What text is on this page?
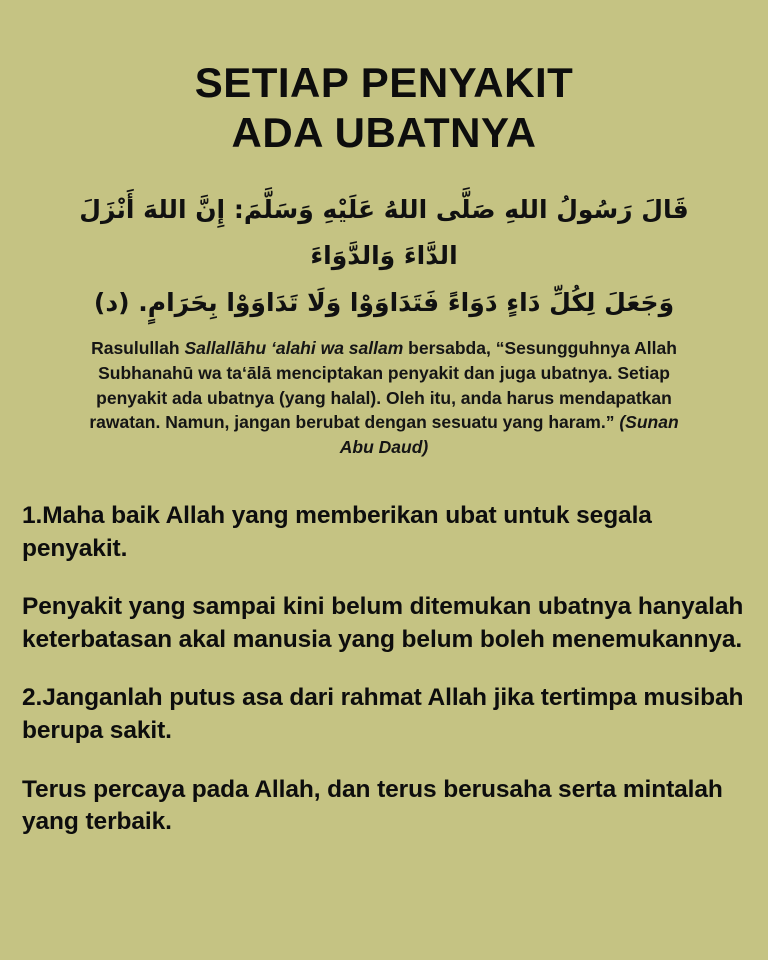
SETIAP PENYAKIT
ADA UBATNYA
قَالَ رَسُولُ اللهِ صَلَّى اللهُ عَلَيْهِ وَسَلَّمَ: إِنَّ اللهَ أَنْزَلَ الدَّاءَ وَالدَّوَاءَ
وَجَعَلَ لِكُلِّ دَاءٍ دَوَاءً فَتَدَاوَوْا وَلَا تَدَاوَوْا بِحَرَامٍ. (د)
Rasulullah Sallallāhu ‘alahi wa sallam bersabda, “Sesungguhnya Allah Subhanahū wa ta‘ālā menciptakan penyakit dan juga ubatnya. Setiap penyakit ada ubatnya (yang halal). Oleh itu, anda harus mendapatkan rawatan. Namun, jangan berubat dengan sesuatu yang haram.” (Sunan Abu Daud)

1.Maha baik Allah yang memberikan ubat untuk segala penyakit.

Penyakit yang sampai kini belum ditemukan ubatnya hanyalah keterbatasan akal manusia yang belum boleh menemukannya.

2.Janganlah putus asa dari rahmat Allah jika tertimpa musibah berupa sakit.

Terus percaya pada Allah, dan terus berusaha serta mintalah yang terbaik.
